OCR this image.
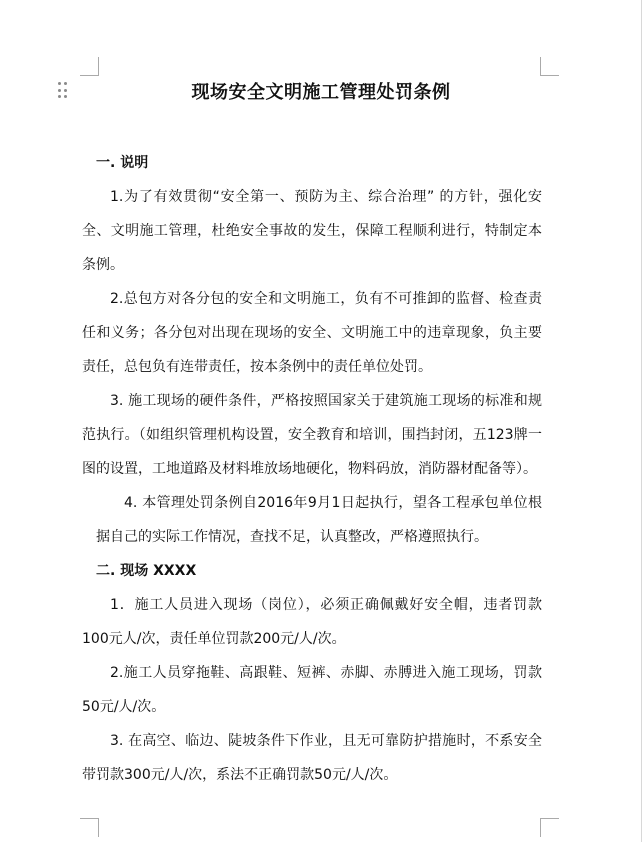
现场安全文明施工管理处罚条例
一. 说明

1.为了有效贯彻“安全第一、预防为主、综合治理” 的方针，强化安全、文明施工管理，杜绝安全事故的发生，保障工程顺利进行，特制定本条例。

2.总包方对各分包的安全和文明施工，负有不可推卸的监督、检查责任和义务；各分包对出现在现场的安全、文明施工中的违章现象，负主要责任，总包负有连带责任，按本条例中的责任单位处罚。

3. 施工现场的硬件条件，严格按照国家关于建筑施工现场的标准和规范执行。（如组织管理机构设置，安全教育和培训，围挡封闭，五123牌一图的设置，工地道路及材料堆放场地硬化，物料码放，消防器材配备等）。

4. 本管理处罚条例自2016年9月1日起执行，望各工程承包单位根据自己的实际工作情况，查找不足，认真整改，严格遵照执行。

二. 现场 XXXX

1．施工人员进入现场（岗位），必须正确佩戴好安全帽，违者罚款100元人/次，责任单位罚款200元/人/次。

2.施工人员穿拖鞋、高跟鞋、短裤、赤脚、赤膊进入施工现场，罚款50元/人/次。

3. 在高空、临边、陡坡条件下作业，且无可靠防护措施时，不系安全带罚款300元/人/次，系法不正确罚款50元/人/次。
